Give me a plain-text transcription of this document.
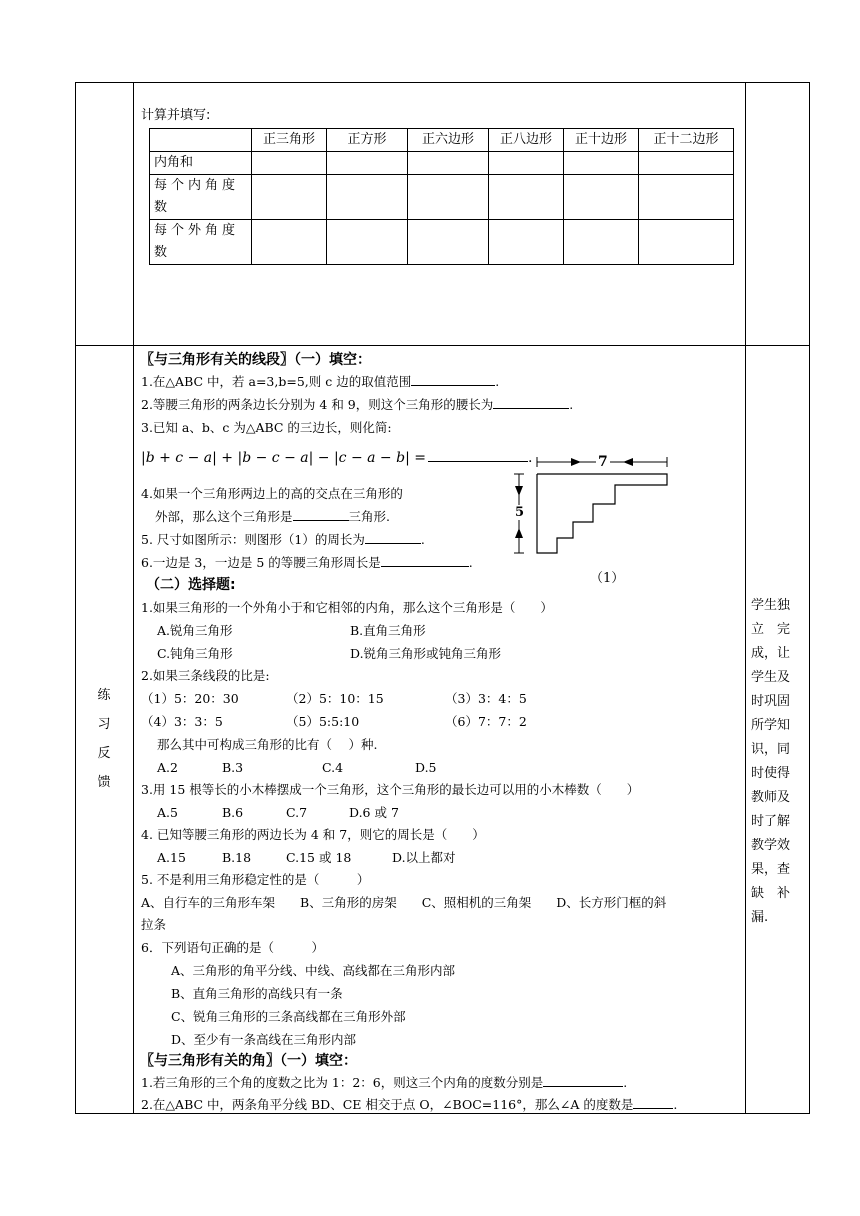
计算并填写:
	正三角形	正方形	正六边形	正八边形	正十边形	正十二边形
内角和						
每个内角度数						
每个外角度数						
练
习
反
馈
学生独
立　完
成，让
学生及
时巩固
所学知
识，同
时使得
教师及
时了解
教学效
果，查
缺　补
漏.
〖与三角形有关的线段〗（一）填空：
1.在△ABC 中，若 a=3,b=5,则 c 边的取值范围	.
2.等腰三角形的两条边长分别为 4 和 9，则这个三角形的腰长为	.
3.已知 a、b、c 为△ABC 的三边长，则化简:
|b + c − a| + |b − c − a| − |c − a − b| =	.
4.如果一个三角形两边上的高的交点在三角形的
外部，那么这个三角形是	三角形.
5. 尺寸如图所示：则图形（1）的周长为	.
6.一边是 3，一边是 5 的等腰三角形周长是	.
7
5
（1）
（二）选择题:
1.如果三角形的一个外角小于和它相邻的内角，那么这个三角形是（　　）
A.锐角三角形	B.直角三角形
C.钝角三角形	D.锐角三角形或钝角三角形
2.如果三条线段的比是:
（1）5：20：30	（2）5：10：15	（3）3：4：5
（4）3：3：5	（5）5:5:10	（6）7：7：2
那么其中可构成三角形的比有（　 ）种.
A.2	B.3	C.4	D.5
3.用 15 根等长的小木棒摆成一个三角形，这个三角形的最长边可以用的小木棒数（　　）
A.5	B.6	C.7	D.6 或 7
4. 已知等腰三角形的两边长为 4 和 7，则它的周长是（　　）
A.15	B.18	C.15 或 18	D.以上都对
5. 不是利用三角形稳定性的是（　　　）
A、自行车的三角形车架　　B、三角形的房架　　C、照相机的三角架　　D、长方形门框的斜
拉条
6．下列语句正确的是（　　　）
A、三角形的角平分线、中线、高线都在三角形内部
B、直角三角形的高线只有一条
C、锐角三角形的三条高线都在三角形外部
D、至少有一条高线在三角形内部
〖与三角形有关的角〗（一）填空：
1.若三角形的三个角的度数之比为 1：2：6，则这三个内角的度数分别是	.
2.在△ABC 中，两条角平分线 BD、CE 相交于点 O，∠BOC=116°，那么∠A 的度数是	.
